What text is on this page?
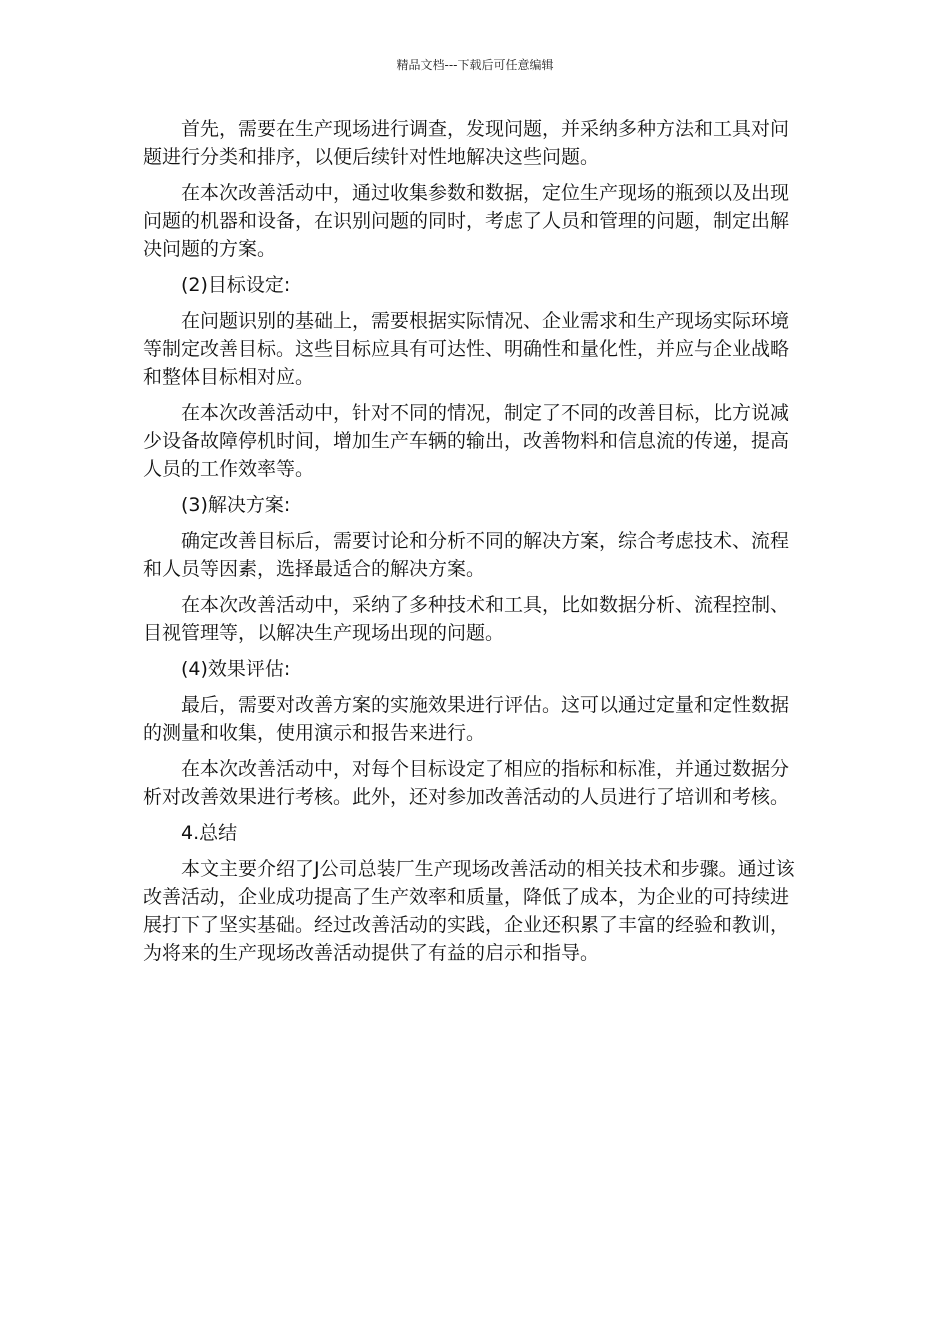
精品文档---下载后可任意编辑

首先，需要在生产现场进行调查，发现问题，并采纳多种方法和工具对问题进行分类和排序，以便后续针对性地解决这些问题。

在本次改善活动中，通过收集参数和数据，定位生产现场的瓶颈以及出现问题的机器和设备，在识别问题的同时，考虑了人员和管理的问题，制定出解决问题的方案。

(2)目标设定:

在问题识别的基础上，需要根据实际情况、企业需求和生产现场实际环境等制定改善目标。这些目标应具有可达性、明确性和量化性，并应与企业战略和整体目标相对应。

在本次改善活动中，针对不同的情况，制定了不同的改善目标，比方说减少设备故障停机时间，增加生产车辆的输出，改善物料和信息流的传递，提高人员的工作效率等。

(3)解决方案:

确定改善目标后，需要讨论和分析不同的解决方案，综合考虑技术、流程和人员等因素，选择最适合的解决方案。

在本次改善活动中，采纳了多种技术和工具，比如数据分析、流程控制、目视管理等，以解决生产现场出现的问题。

(4)效果评估:

最后，需要对改善方案的实施效果进行评估。这可以通过定量和定性数据的测量和收集，使用演示和报告来进行。

在本次改善活动中，对每个目标设定了相应的指标和标准，并通过数据分析对改善效果进行考核。此外，还对参加改善活动的人员进行了培训和考核。

4.总结

本文主要介绍了J公司总装厂生产现场改善活动的相关技术和步骤。通过该改善活动，企业成功提高了生产效率和质量，降低了成本，为企业的可持续进展打下了坚实基础。经过改善活动的实践，企业还积累了丰富的经验和教训，为将来的生产现场改善活动提供了有益的启示和指导。
